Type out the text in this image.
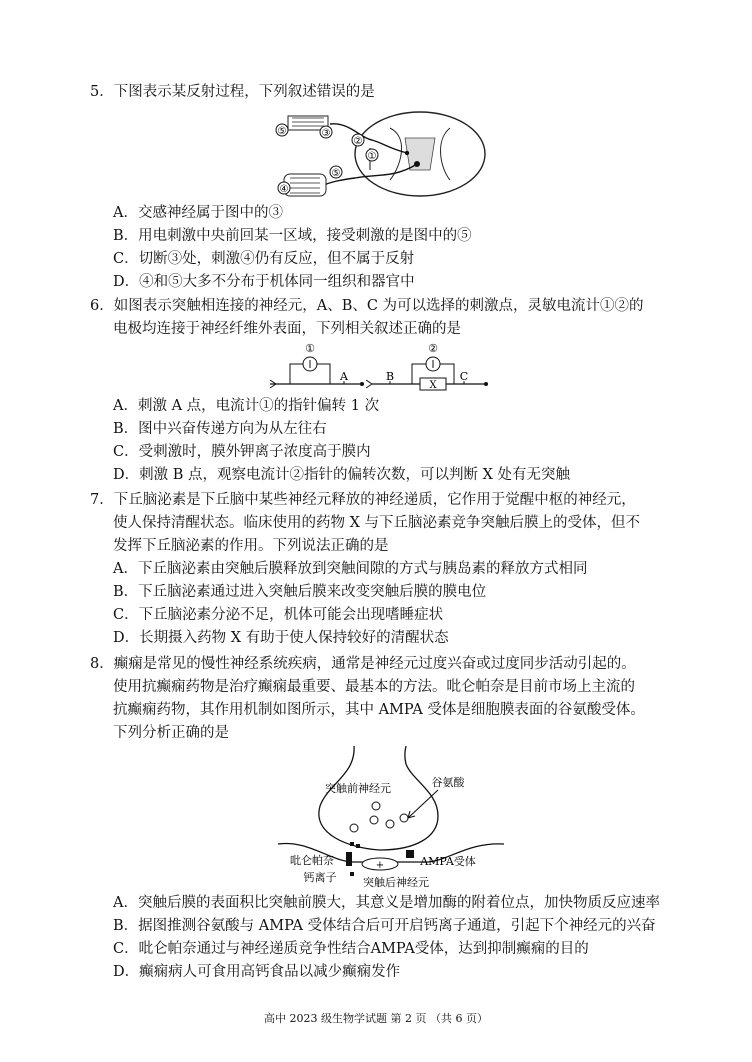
5．下图表示某反射过程，下列叙述错误的是
⑤	③
②
①
④
⑤
A．交感神经属于图中的③
B．用电刺激中央前回某一区域，接受刺激的是图中的⑤
C．切断③处，刺激④仍有反应，但不属于反射
D．④和⑤大多不分布于机体同一组织和器官中
6．如图表示突触相连接的神经元，A、B、C 为可以选择的刺激点，灵敏电流计①②的
电极均连接于神经纤维外表面，下列相关叙述正确的是
①
A	B
②
X
C
A．刺激 A 点，电流计①的指针偏转 1 次
B．图中兴奋传递方向为从左往右
C．受刺激时，膜外钾离子浓度高于膜内
D．刺激 B 点，观察电流计②指针的偏转次数，可以判断 X 处有无突触
7．下丘脑泌素是下丘脑中某些神经元释放的神经递质，它作用于觉醒中枢的神经元，
使人保持清醒状态。临床使用的药物 X 与下丘脑泌素竞争突触后膜上的受体，但不
发挥下丘脑泌素的作用。下列说法正确的是
A．下丘脑泌素由突触后膜释放到突触间隙的方式与胰岛素的释放方式相同
B．下丘脑泌素通过进入突触后膜来改变突触后膜的膜电位
C．下丘脑泌素分泌不足，机体可能会出现嗜睡症状
D．长期摄入药物 X 有助于使人保持较好的清醒状态
8．癫痫是常见的慢性神经系统疾病，通常是神经元过度兴奋或过度同步活动引起的。
使用抗癫痫药物是治疗癫痫最重要、最基本的方法。吡仑帕奈是目前市场上主流的
抗癫痫药物，其作用机制如图所示，其中 AMPA 受体是细胞膜表面的谷氨酸受体。
下列分析正确的是
突触前神经元	谷氨酸
+
吡仑帕奈	AMPA受体
钙离子 突触后神经元
A．突触后膜的表面积比突触前膜大，其意义是增加酶的附着位点，加快物质反应速率
B．据图推测谷氨酸与 AMPA 受体结合后可开启钙离子通道，引起下个神经元的兴奋
C．吡仑帕奈通过与神经递质竞争性结合AMPA受体，达到抑制癫痫的目的
D．癫痫病人可食用高钙食品以减少癫痫发作
高中 2023 级生物学试题 第 2 页 （共 6 页）
